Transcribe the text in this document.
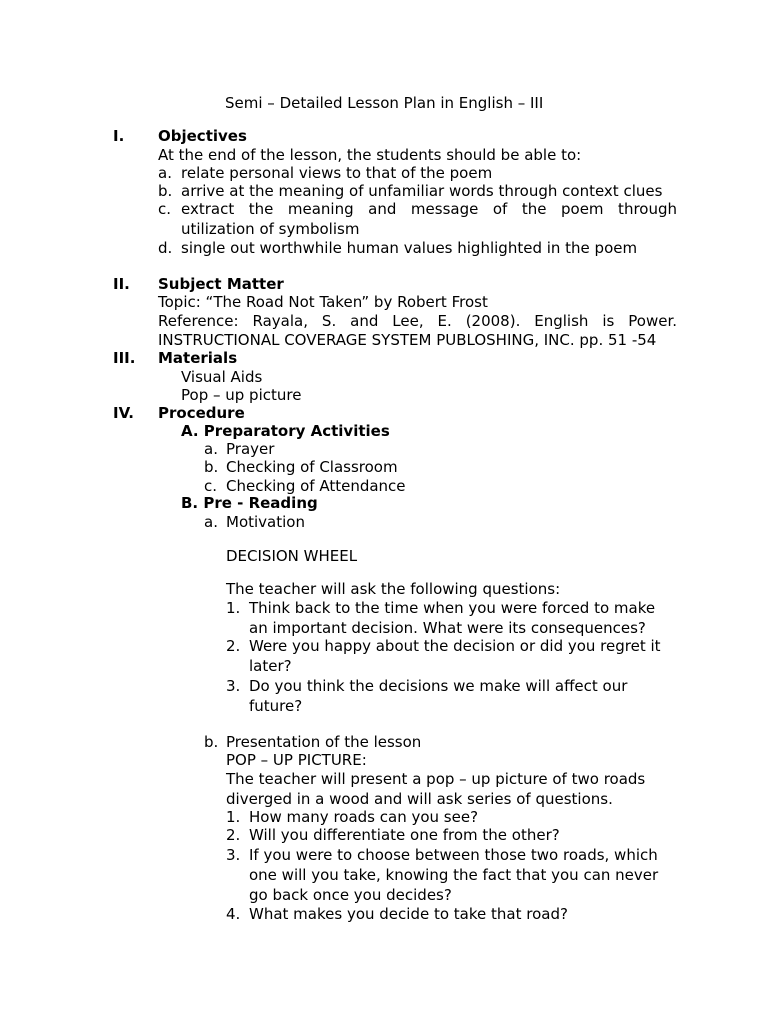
Semi – Detailed Lesson Plan in English – III
I. Objectives
At the end of the lesson, the students should be able to:
a. relate personal views to that of the poem
b. arrive at the meaning of unfamiliar words through context clues
c. extract the meaning and message of the poem through
utilization of symbolism
d. single out worthwhile human values highlighted in the poem
II. Subject Matter
Topic: “The Road Not Taken” by Robert Frost
Reference: Rayala, S. and Lee, E. (2008). English is Power.
INSTRUCTIONAL COVERAGE SYSTEM PUBLOSHING, INC. pp. 51 -54
III. Materials
Visual Aids
Pop – up picture
IV. Procedure
A. Preparatory Activities
a. Prayer
b. Checking of Classroom
c. Checking of Attendance
B. Pre - Reading
a. Motivation
DECISION WHEEL
The teacher will ask the following questions:
1. Think back to the time when you were forced to make
an important decision. What were its consequences?
2. Were you happy about the decision or did you regret it
later?
3. Do you think the decisions we make will affect our
future?
b. Presentation of the lesson
POP – UP PICTURE:
The teacher will present a pop – up picture of two roads
diverged in a wood and will ask series of questions.
1. How many roads can you see?
2. Will you differentiate one from the other?
3. If you were to choose between those two roads, which
one will you take, knowing the fact that you can never
go back once you decides?
4. What makes you decide to take that road?
